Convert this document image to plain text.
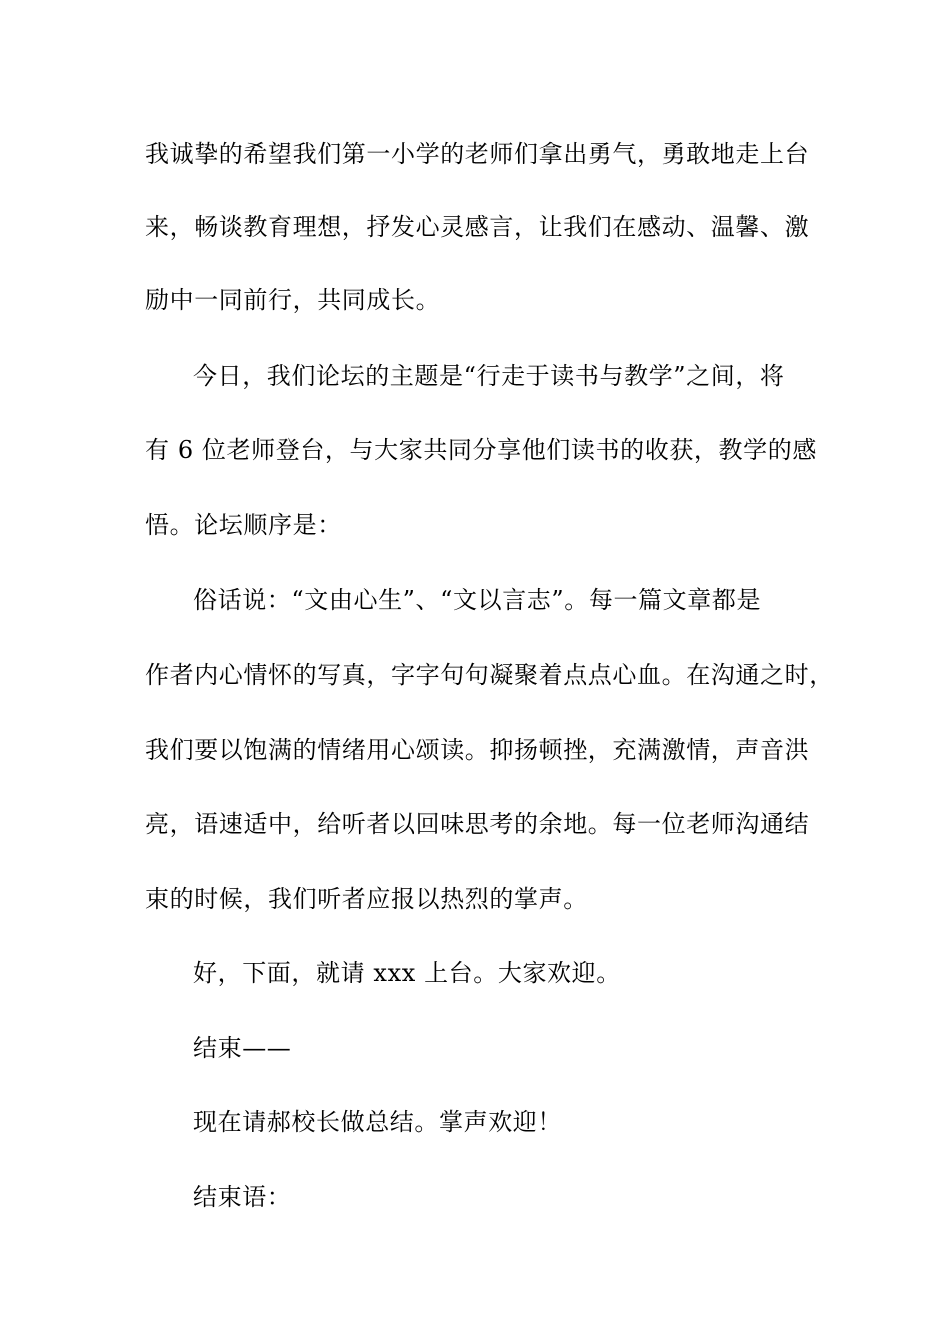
我诚挚的希望我们第一小学的老师们拿出勇气，勇敢地走上台
来，畅谈教育理想，抒发心灵感言，让我们在感动、温馨、激
励中一同前行，共同成长。
今日，我们论坛的主题是“行走于读书与教学”之间，将
有 6 位老师登台，与大家共同分享他们读书的收获，教学的感
悟。论坛顺序是：
俗话说：“文由心生”、“文以言志”。每一篇文章都是
作者内心情怀的写真，字字句句凝聚着点点心血。在沟通之时，
我们要以饱满的情绪用心颂读。抑扬顿挫，充满激情，声音洪
亮，语速适中，给听者以回味思考的余地。每一位老师沟通结
束的时候，我们听者应报以热烈的掌声。
好，下面，就请 xxx 上台。大家欢迎。
结束——
现在请郝校长做总结。掌声欢迎！
结束语：
